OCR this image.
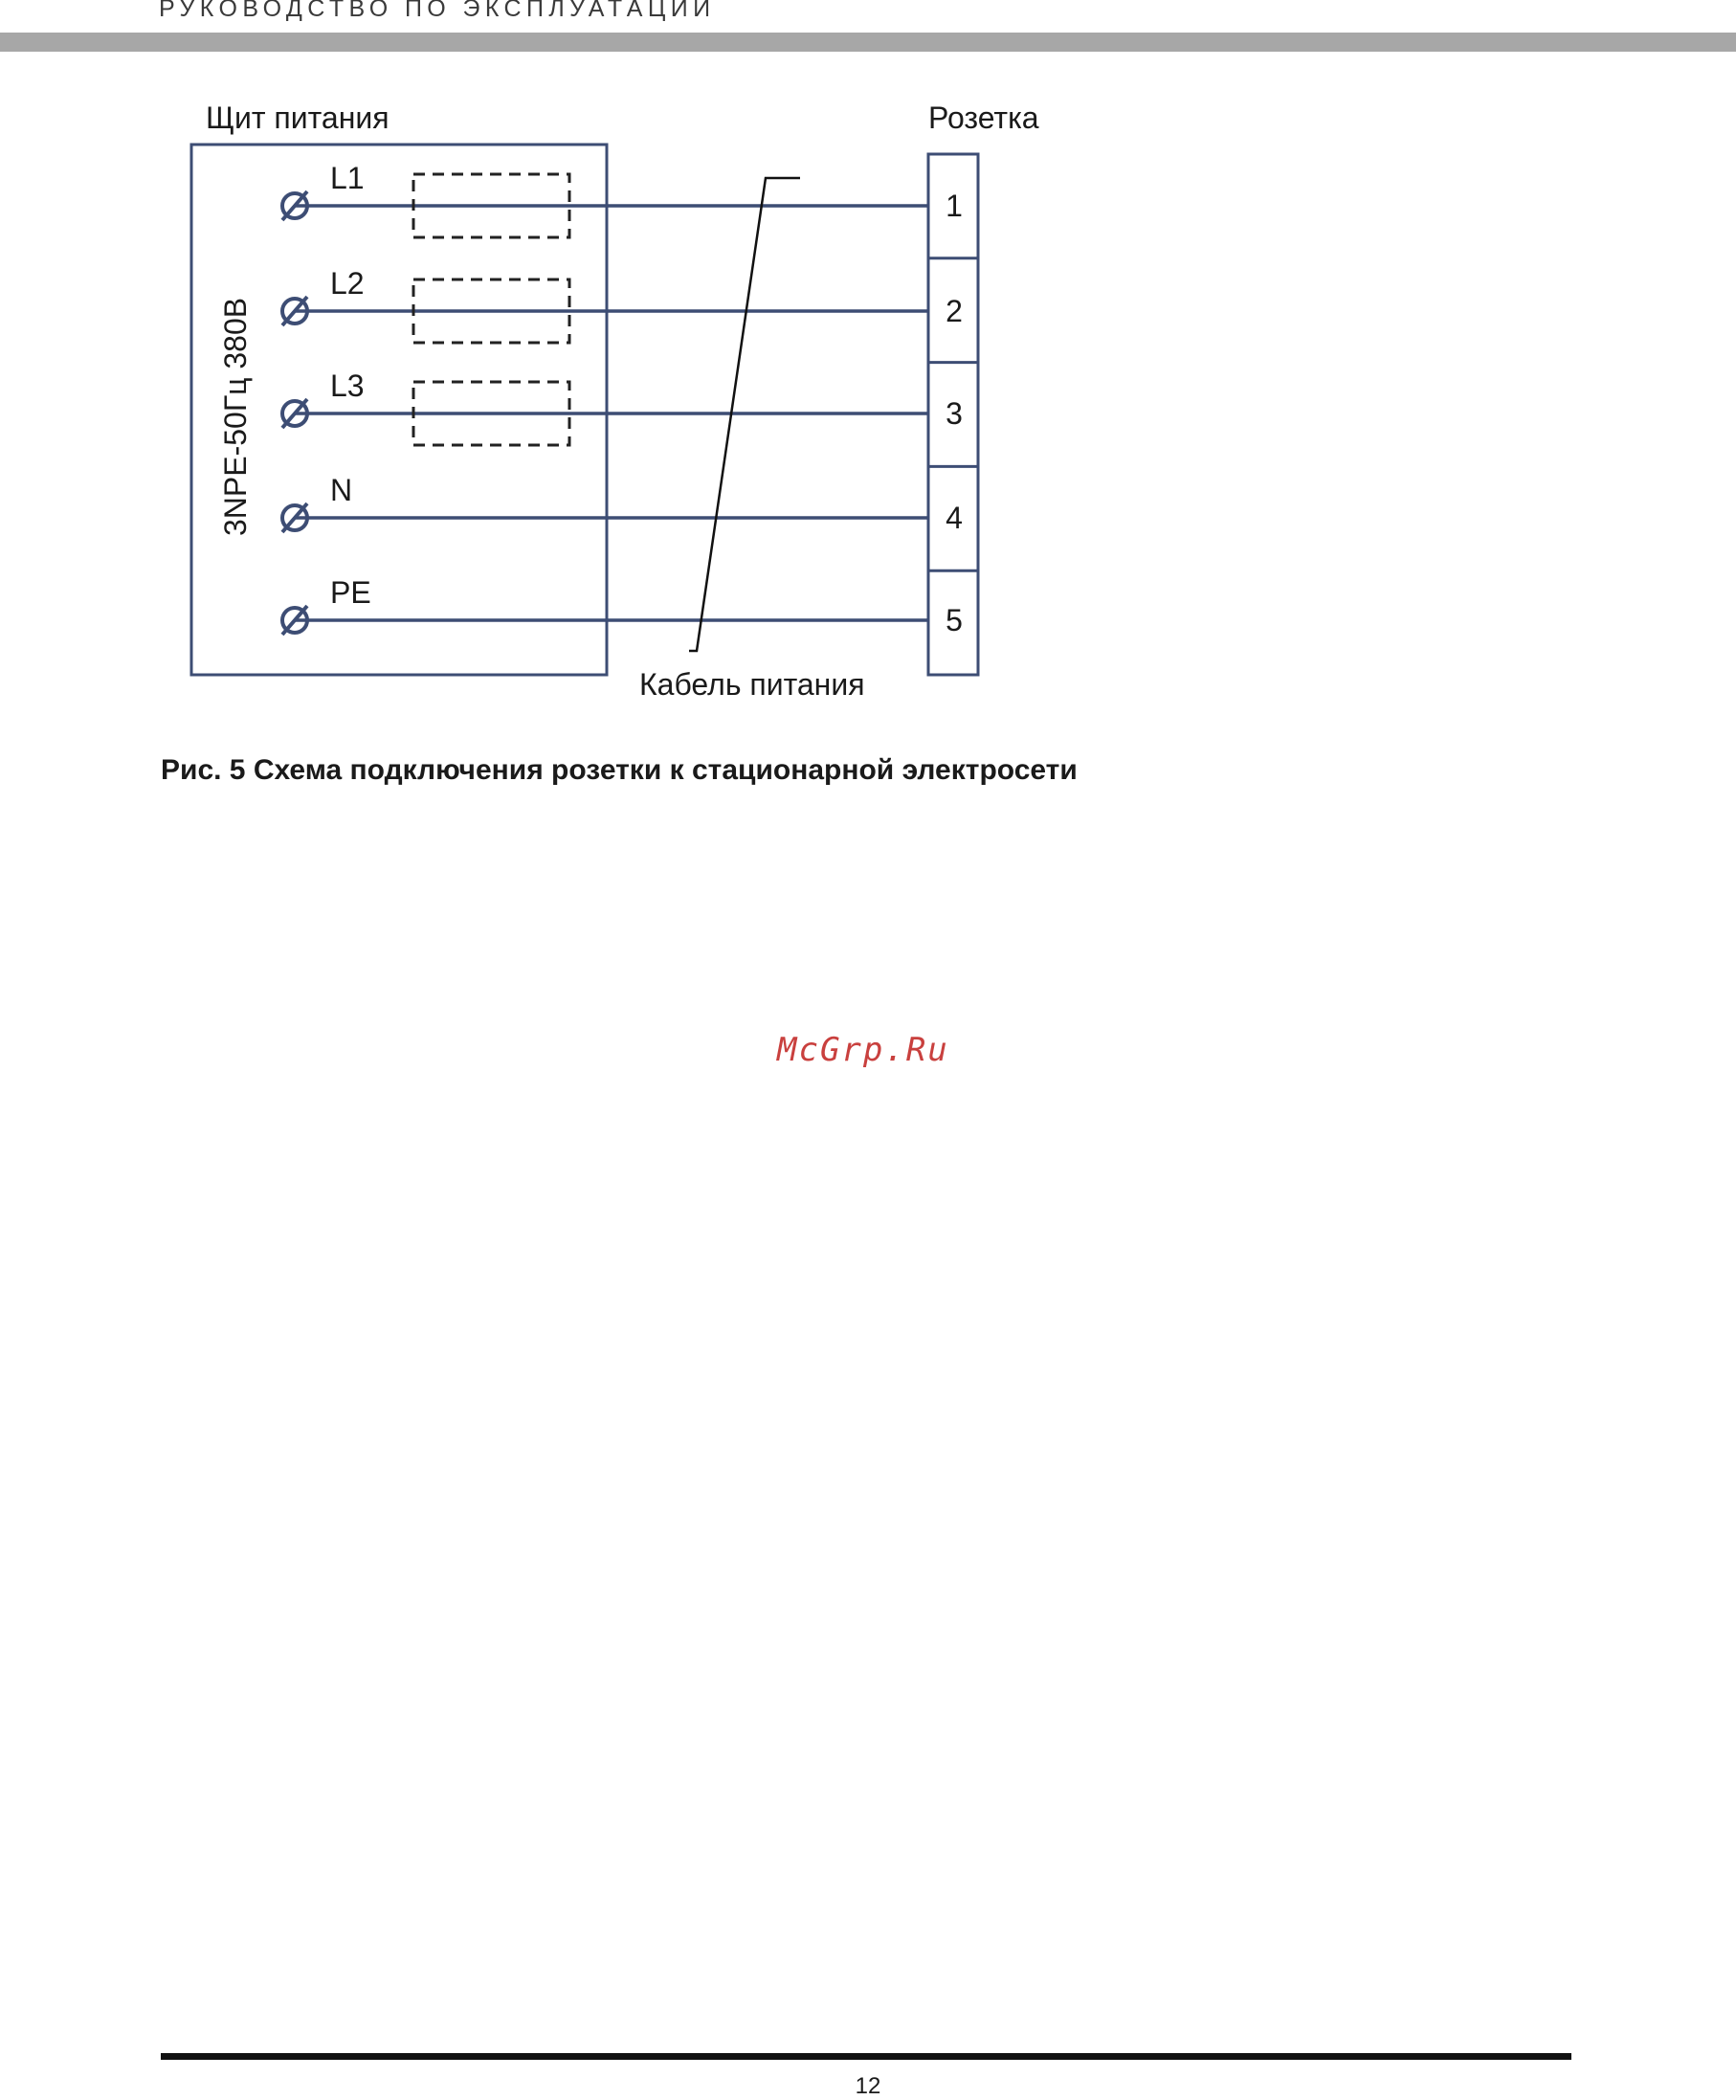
РУКОВОДСТВО ПО ЭКСПЛУАТАЦИИ
Щит питания	Розетка
Кабель питания
3NPE-50Гц 380В
L1
L2
L3
N
PE
1
2
3
4
5
Рис. 5 Схема подключения розетки к стационарной электросети
McGrp.Ru
12
